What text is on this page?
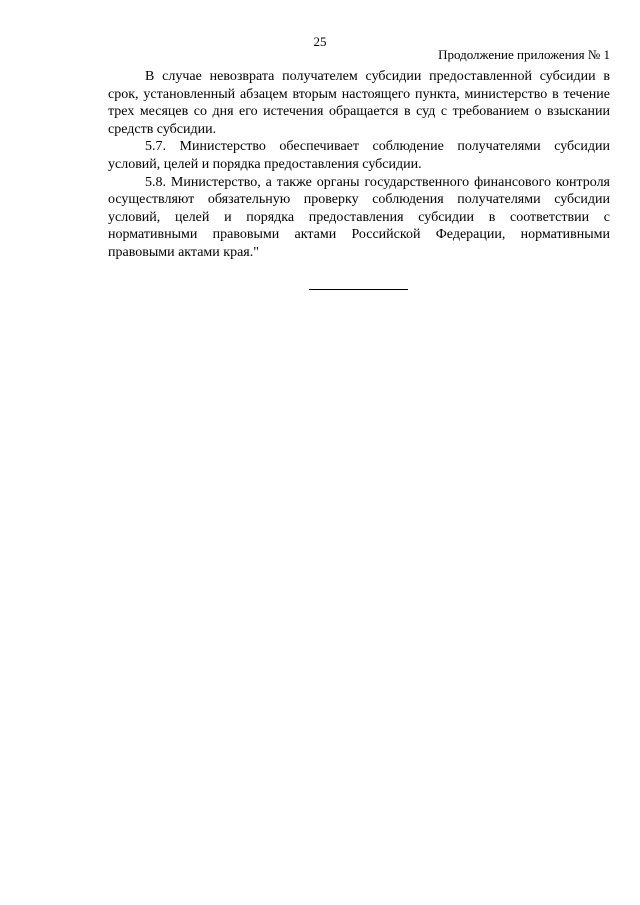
25
Продолжение приложения № 1

В случае невозврата получателем субсидии предоставленной субсидии в срок, установленный абзацем вторым настоящего пункта, министерство в течение трех месяцев со дня его истечения обращается в суд с требованием о взыскании средств субсидии.

5.7. Министерство обеспечивает соблюдение получателями субсидии условий, целей и порядка предоставления субсидии.

5.8. Министерство, а также органы государственного финансового контроля осуществляют обязательную проверку соблюдения получателями субсидии условий, целей и порядка предоставления субсидии в соответствии с нормативными правовыми актами Российской Федерации, нормативными правовыми актами края."
